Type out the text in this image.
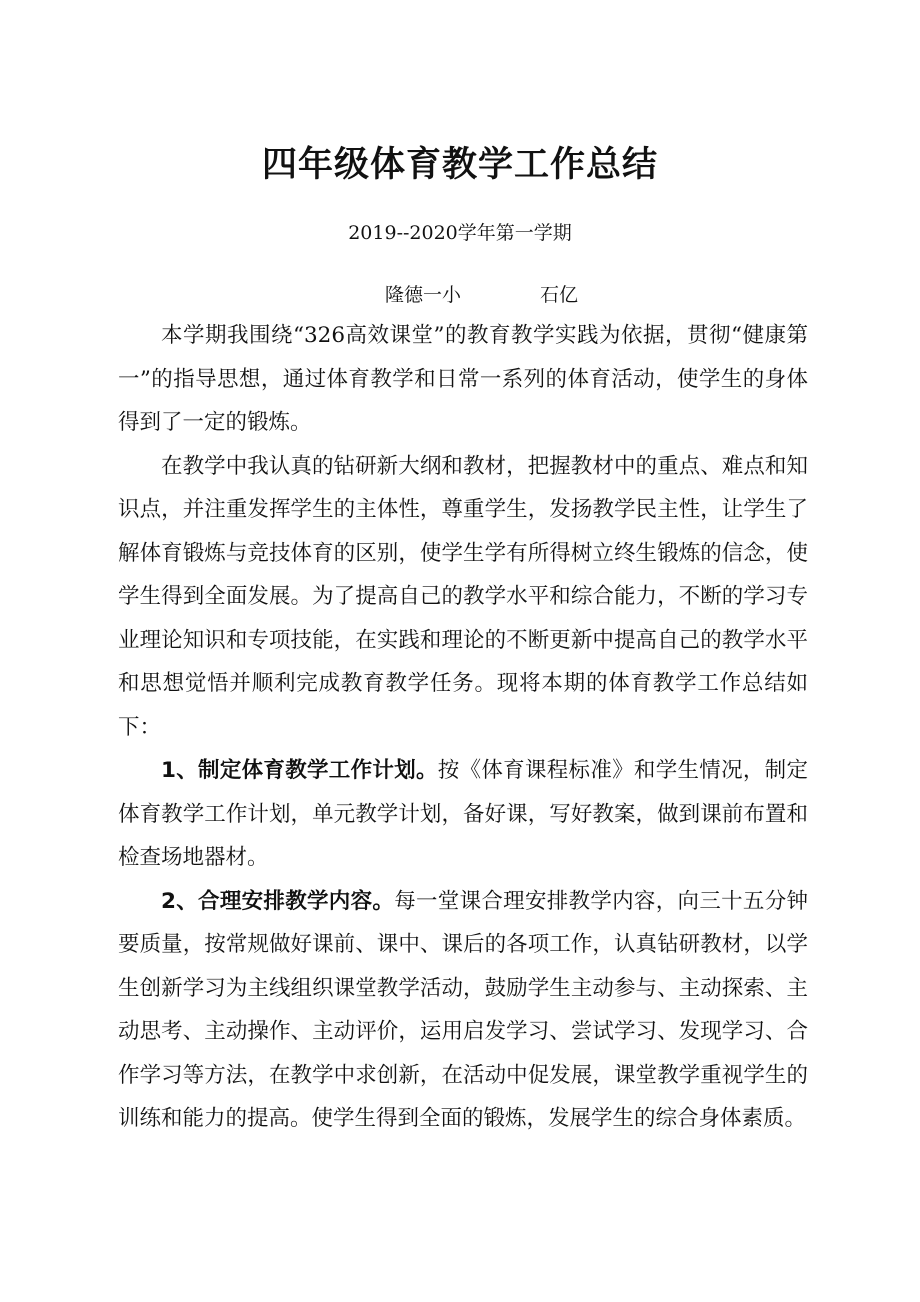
四年级体育教学工作总结
2019--2020学年第一学期
隆德一小	石亿

本学期我围绕“326高效课堂”的教育教学实践为依据，贯彻“健康第一”的指导思想，通过体育教学和日常一系列的体育活动，使学生的身体得到了一定的锻炼。

在教学中我认真的钻研新大纲和教材，把握教材中的重点、难点和知识点，并注重发挥学生的主体性，尊重学生，发扬教学民主性，让学生了解体育锻炼与竞技体育的区别，使学生学有所得树立终生锻炼的信念，使学生得到全面发展。为了提高自己的教学水平和综合能力，不断的学习专业理论知识和专项技能，在实践和理论的不断更新中提高自己的教学水平和思想觉悟并顺利完成教育教学任务。现将本期的体育教学工作总结如下：

1、制定体育教学工作计划。按《体育课程标准》和学生情况，制定体育教学工作计划，单元教学计划，备好课，写好教案，做到课前布置和检查场地器材。

2、合理安排教学内容。每一堂课合理安排教学内容，向三十五分钟要质量，按常规做好课前、课中、课后的各项工作，认真钻研教材，以学生创新学习为主线组织课堂教学活动，鼓励学生主动参与、主动探索、主动思考、主动操作、主动评价，运用启发学习、尝试学习、发现学习、合作学习等方法，在教学中求创新，在活动中促发展，课堂教学重视学生的训练和能力的提高。使学生得到全面的锻炼，发展学生的综合身体素质。
